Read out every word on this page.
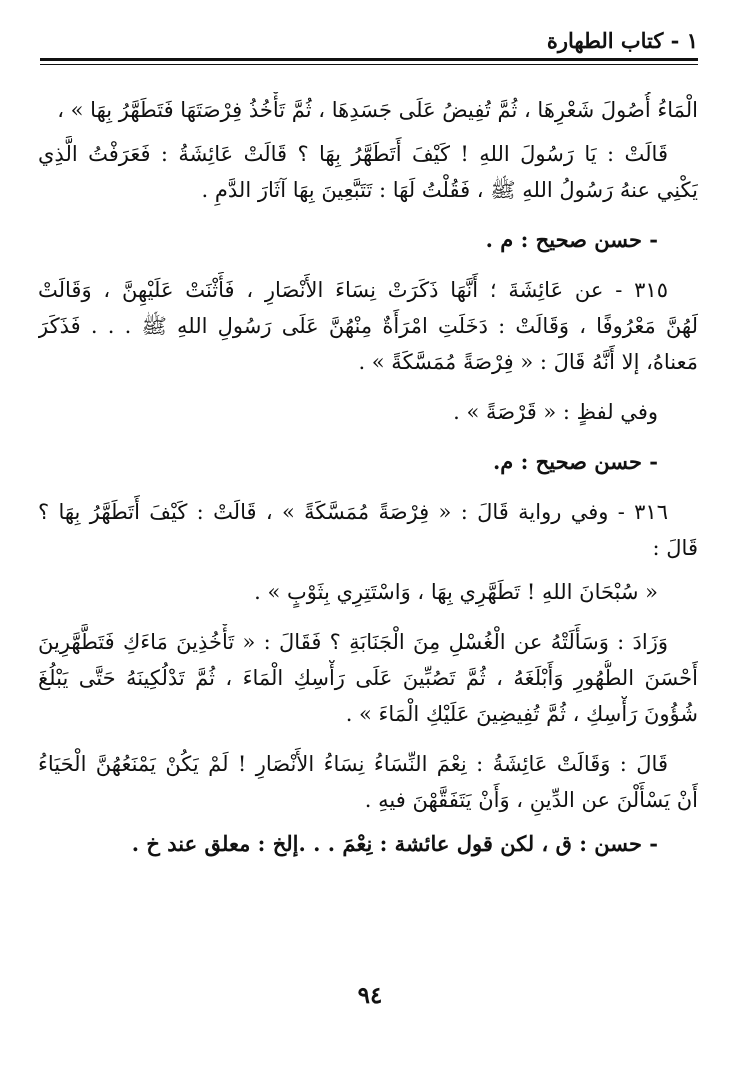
١ - كتاب الطهارة
الْمَاءُ أُصُولَ شَعْرِهَا ، ثُمَّ تُفِيضُ عَلَى جَسَدِهَا ، ثُمَّ تَأْخُذُ فِرْصَتَهَا فَتَطَهَّرُ بِهَا » ،
قَالَتْ : يَا رَسُولَ اللهِ ! كَيْفَ أَتَطَهَّرُ بِهَا ؟ قَالَتْ عَائِشَةُ : فَعَرَفْتُ الَّذِي
يَكْنِي عنهُ رَسُولُ اللهِ ﷺ ، فَقُلْتُ لَهَا : تَتَبَّعِينَ بِهَا آثَارَ الدَّمِ .
- حسن صحيح : م .
٣١٥ - عن عَائِشَةَ ؛ أَنَّهَا ذَكَرَتْ نِسَاءَ الأَنْصَارِ ، فَأَثْنَتْ عَلَيْهِنَّ ، وَقَالَتْ
لَهُنَّ مَعْرُوفًا ، وَقَالَتْ : دَخَلَتِ امْرَأَةٌ مِنْهُنَّ عَلَى رَسُولِ اللهِ ﷺ . . . فَذَكَرَ
مَعناهُ، إلا أَنَّهُ قَالَ : « فِرْصَةً مُمَسَّكَةً » .
وفي لفظٍ : « قَرْصَةً » .
- حسن صحيح : م.
٣١٦ - وفي رواية قَالَ : « فِرْصَةً مُمَسَّكَةً » ، قَالَتْ : كَيْفَ أَتَطَهَّرُ بِهَا ؟
قَالَ :
« سُبْحَانَ اللهِ ! تَطَهَّرِي بِهَا ، وَاسْتَتِرِي بِثَوْبٍ » .
وَزَادَ : وَسَأَلَتْهُ عن الْغُسْلِ مِنَ الْجَنَابَةِ ؟ فَقَالَ : « تَأْخُذِينَ مَاءَكِ فَتَطَّهَّرِينَ
أَحْسَنَ الطُّهُورِ وَأَبْلَغَهُ ، ثُمَّ تَصُبِّينَ عَلَى رَأْسِكِ الْمَاءَ ، ثُمَّ تَدْلُكِينَهُ حَتَّى يَبْلُغَ
شُؤُونَ رَأْسِكِ ، ثُمَّ تُفِيضِينَ عَلَيْكِ الْمَاءَ » .
قَالَ : وَقَالَتْ عَائِشَةُ : نِعْمَ النِّسَاءُ نِسَاءُ الأَنْصَارِ ! لَمْ يَكُنْ يَمْنَعُهُنَّ الْحَيَاءُ
أَنْ يَسْأَلْنَ عن الدِّينِ ، وَأَنْ يَتَفَقَّهْنَ فيهِ .
- حسن : ق ، لكن قول عائشة : نِعْمَ . . .إلخ : معلق عند خ .
٩٤
